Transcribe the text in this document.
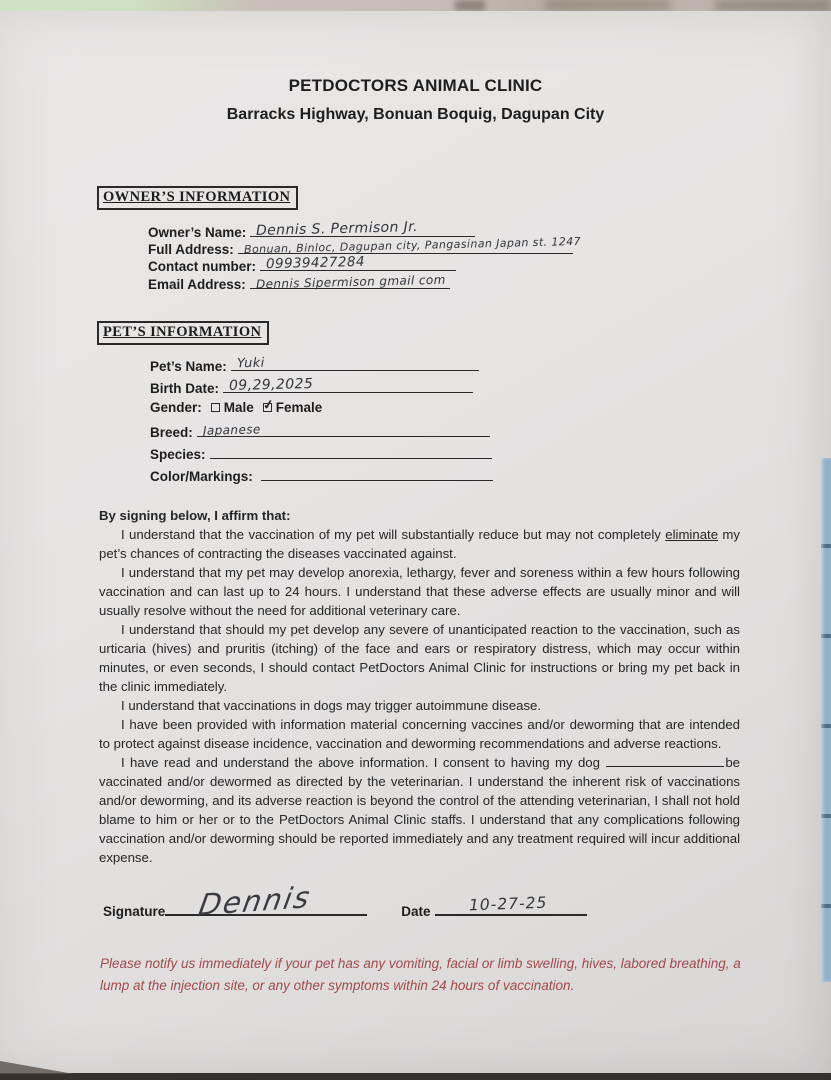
PETDOCTORS ANIMAL CLINIC
Barracks Highway, Bonuan Boquig, Dagupan City
OWNER’S INFORMATION
Owner’s Name: Dennis S. Permison Jr.
Full Address: Bonuan, Binloc, Dagupan city, Pangasinan Japan st. 1247
Contact number: 09939427284
Email Address: Dennis Sipermison gmail com
PET’S INFORMATION
Pet’s Name: Yuki
Birth Date: 09,29,2025
Gender: Male ✓ Female
Breed: Japanese
Species:
Color/Markings:
By signing below, I affirm that:

I understand that the vaccination of my pet will substantially reduce but may not completely eliminate my pet’s chances of contracting the diseases vaccinated against.

I understand that my pet may develop anorexia, lethargy, fever and soreness within a few hours following vaccination and can last up to 24 hours. I understand that these adverse effects are usually minor and will usually resolve without the need for additional veterinary care.

I understand that should my pet develop any severe of unanticipated reaction to the vaccination, such as urticaria (hives) and pruritis (itching) of the face and ears or respiratory distress, which may occur within minutes, or even seconds, I should contact PetDoctors Animal Clinic for instructions or bring my pet back in the clinic immediately.

I understand that vaccinations in dogs may trigger autoimmune disease.

I have been provided with information material concerning vaccines and/or deworming that are intended to protect against disease incidence, vaccination and deworming recommendations and adverse reactions.

I have read and understand the above information. I consent to having my dog	be vaccinated and/or dewormed as directed by the veterinarian. I understand the inherent risk of vaccinations and/or deworming, and its adverse reaction is beyond the control of the attending veterinarian, I shall not hold blame to him or her or to the PetDoctors Animal Clinic staffs. I understand that any complications following vaccination and/or deworming should be reported immediately and any treatment required will incur additional expense.

Signature Dennis	Date 10-27-25
Please notify us immediately if your pet has any vomiting, facial or limb swelling, hives, labored breathing, a lump at the injection site, or any other symptoms within 24 hours of vaccination.
